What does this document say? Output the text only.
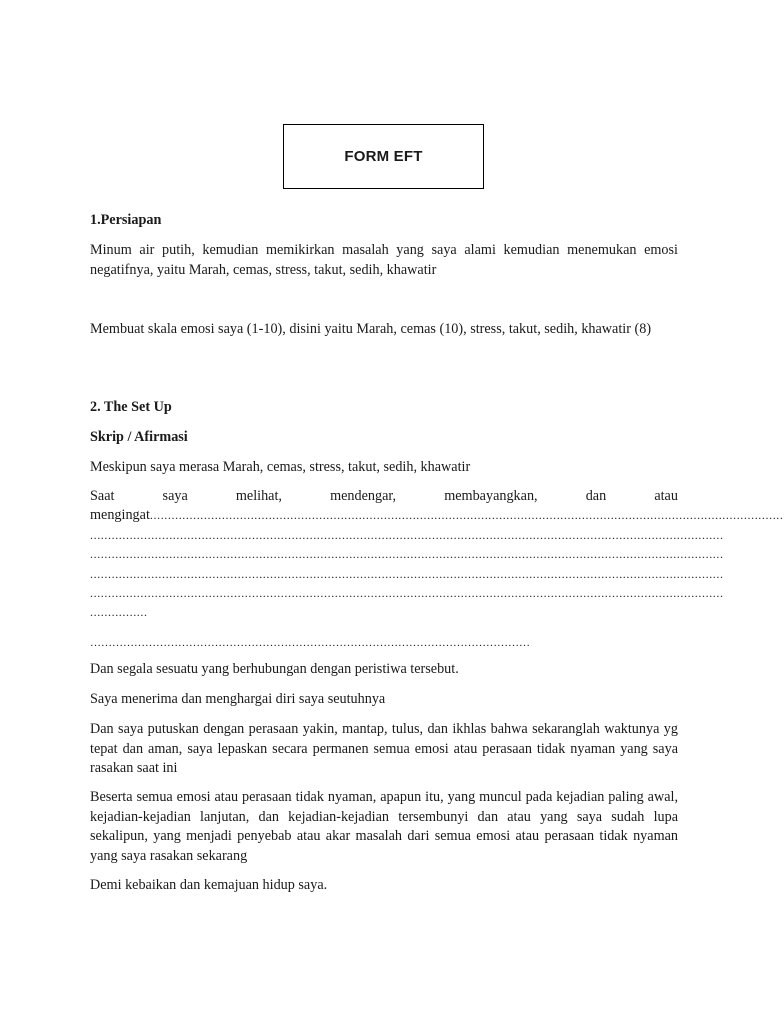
FORM EFT
1.Persiapan
Minum air putih, kemudian memikirkan masalah yang saya alami kemudian menemukan emosi negatifnya, yaitu Marah, cemas, stress, takut, sedih, khawatir
Membuat skala emosi saya (1-10), disini yaitu Marah, cemas (10), stress, takut, sedih, khawatir (8)
2. The Set Up
Skrip / Afirmasi
Meskipun saya merasa Marah, cemas, stress, takut, sedih, khawatir
Saat	saya	melihat,	mendengar,	membayangkan,	dan	atau
mengingat ................................................................................................................................................................................
................................................................................................................................................................................
................................................................................................................................................................................
................................................................................................................................................................................
................................................................................................................................................................................
................
…………………………………………………………………………………………………………
Dan segala sesuatu yang berhubungan dengan peristiwa tersebut.
Saya menerima dan menghargai diri saya seutuhnya
Dan saya putuskan dengan perasaan yakin, mantap, tulus, dan ikhlas bahwa sekaranglah waktunya yg tepat dan aman, saya lepaskan secara permanen semua emosi atau perasaan tidak nyaman yang saya rasakan saat ini
Beserta semua emosi atau perasaan tidak nyaman, apapun itu, yang muncul pada kejadian paling awal, kejadian-kejadian lanjutan, dan kejadian-kejadian tersembunyi dan atau yang saya sudah lupa sekalipun, yang menjadi penyebab atau akar masalah dari semua emosi atau perasaan tidak nyaman yang saya rasakan sekarang
Demi kebaikan dan kemajuan hidup saya.
